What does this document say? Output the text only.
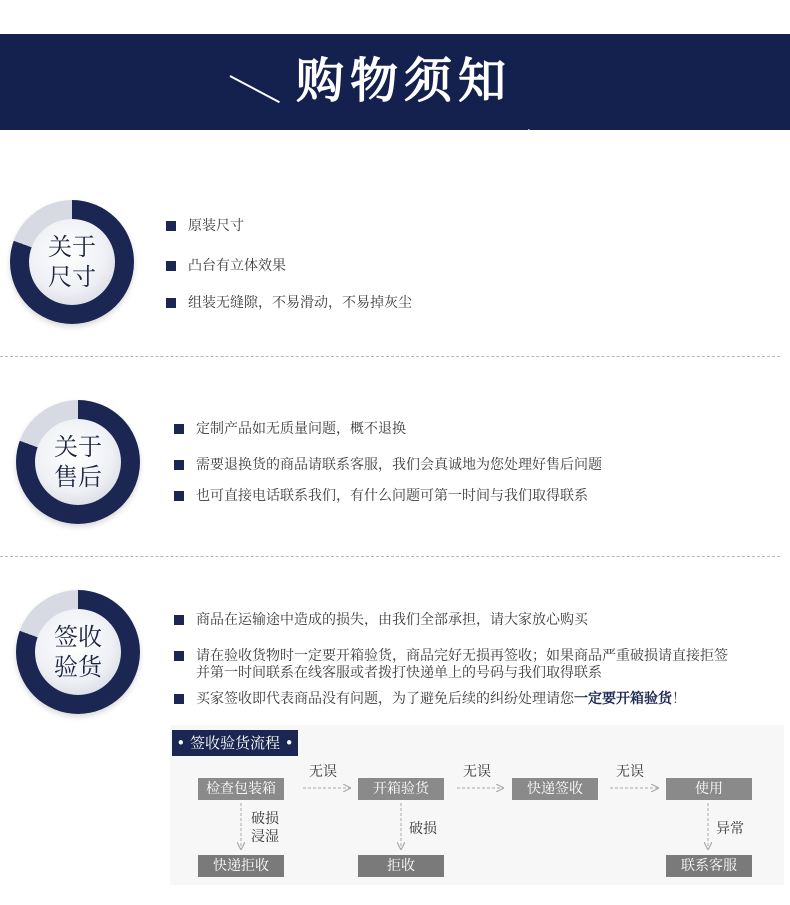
购物须知
关于
尺寸
原装尺寸
凸台有立体效果
组装无缝隙，不易滑动，不易掉灰尘
关于
售后
定制产品如无质量问题，概不退换
需要退换货的商品请联系客服，我们会真诚地为您处理好售后问题
也可直接电话联系我们，有什么问题可第一时间与我们取得联系
签收
验货
商品在运输途中造成的损失，由我们全部承担，请大家放心购买
请在验收货物时一定要开箱验货，商品完好无损再签收；如果商品严重破损请直接拒签
并第一时间联系在线客服或者拨打快递单上的号码与我们取得联系
买家签收即代表商品没有问题，为了避免后续的纠纷处理请您一定要开箱验货！
• 签收验货流程 •
检查包装箱	开箱验货	快递签收	使用
无误	无误	无误
破损
浸湿	破损	异常
快递拒收	拒收	联系客服
